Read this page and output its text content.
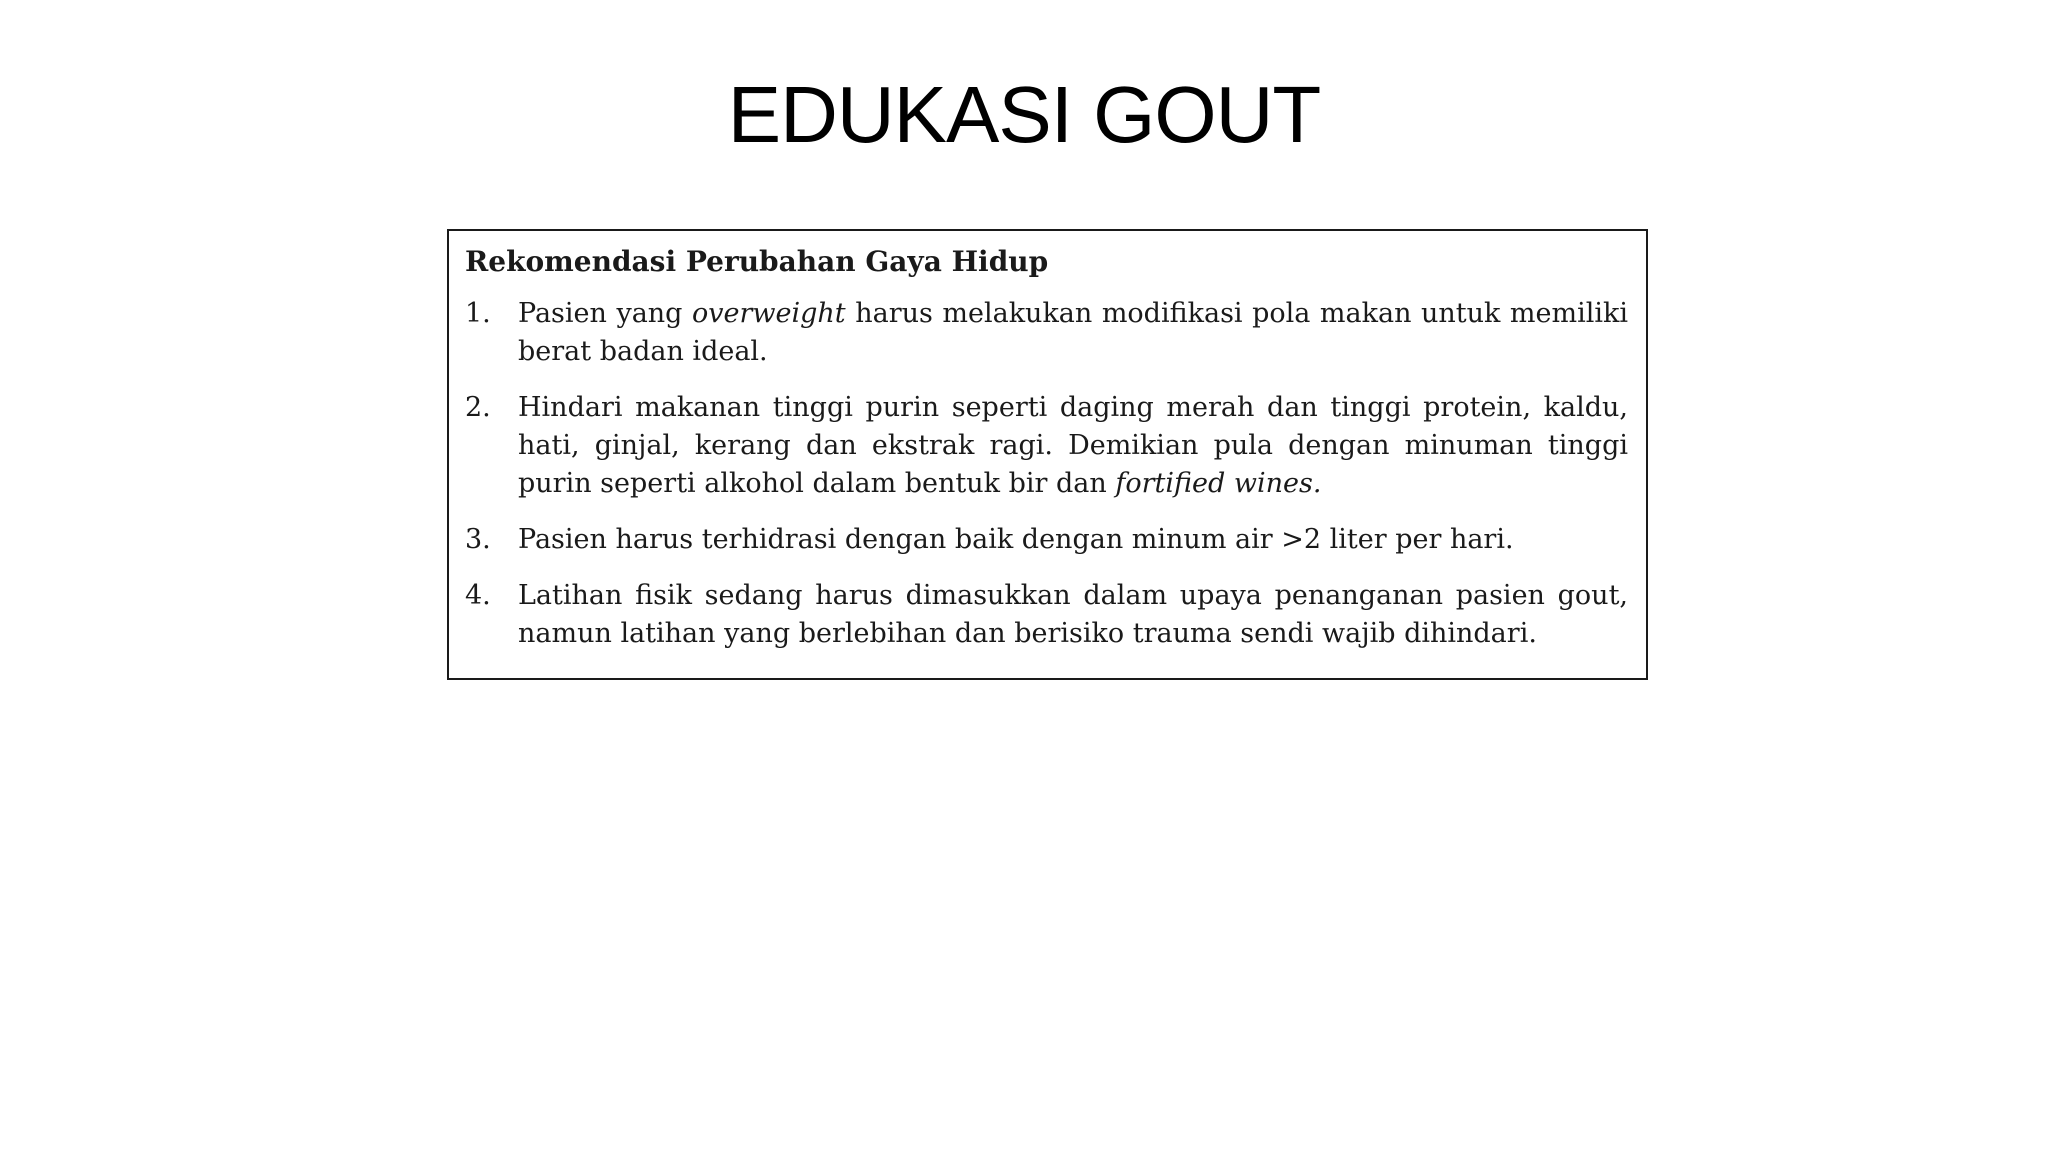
EDUKASI GOUT
Rekomendasi Perubahan Gaya Hidup
1.	Pasien yang overweight harus melakukan modifikasi pola makan untuk memiliki berat badan ideal.
2.	Hindari makanan tinggi purin seperti daging merah dan tinggi protein, kaldu, hati, ginjal, kerang dan ekstrak ragi. Demikian pula dengan minuman tinggi purin seperti alkohol dalam bentuk bir dan fortified wines.
3.	Pasien harus terhidrasi dengan baik dengan minum air >2 liter per hari.
4.	Latihan fisik sedang harus dimasukkan dalam upaya penanganan pasien gout, namun latihan yang berlebihan dan berisiko trauma sendi wajib dihindari.
